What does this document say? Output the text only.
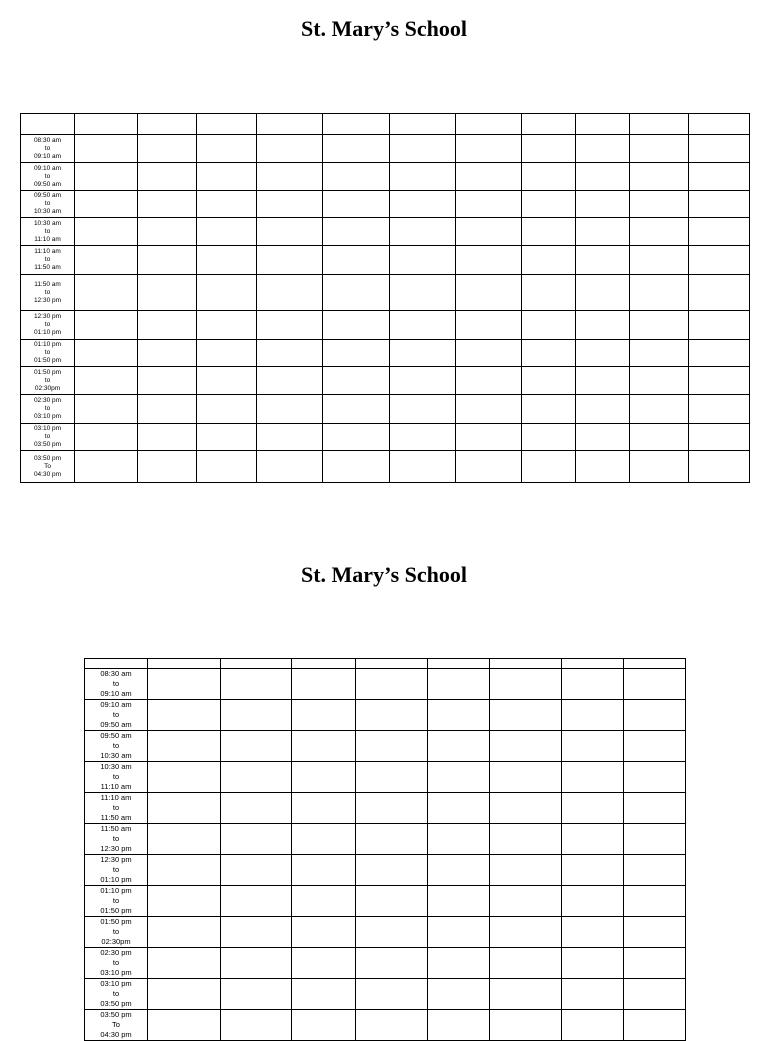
St. Mary’s School

08:30 am
to
09:10 am											

09:10 am
to
09:50 am											

09:50 am
to
10:30 am											

10:30 am
to
11:10 am											

11:10 am
to
11:50 am											

11:50 am
to
12:30 pm											

12:30 pm
to
01:10 pm											

01:10 pm
to
01:50 pm											

01:50 pm
to
02:30pm											

02:30 pm
to
03:10 pm											

03:10 pm
to
03:50 pm											

03:50 pm
To
04:30 pm											

St. Mary’s School

08:30 am
to
09:10 am								

09:10 am
to
09:50 am								

09:50 am
to
10:30 am								

10:30 am
to
11:10 am								

11:10 am
to
11:50 am								

11:50 am
to
12:30 pm								

12:30 pm
to
01:10 pm								

01:10 pm
to
01:50 pm								

01:50 pm
to
02:30pm								

02:30 pm
to
03:10 pm								

03:10 pm
to
03:50 pm								

03:50 pm
To
04:30 pm								
